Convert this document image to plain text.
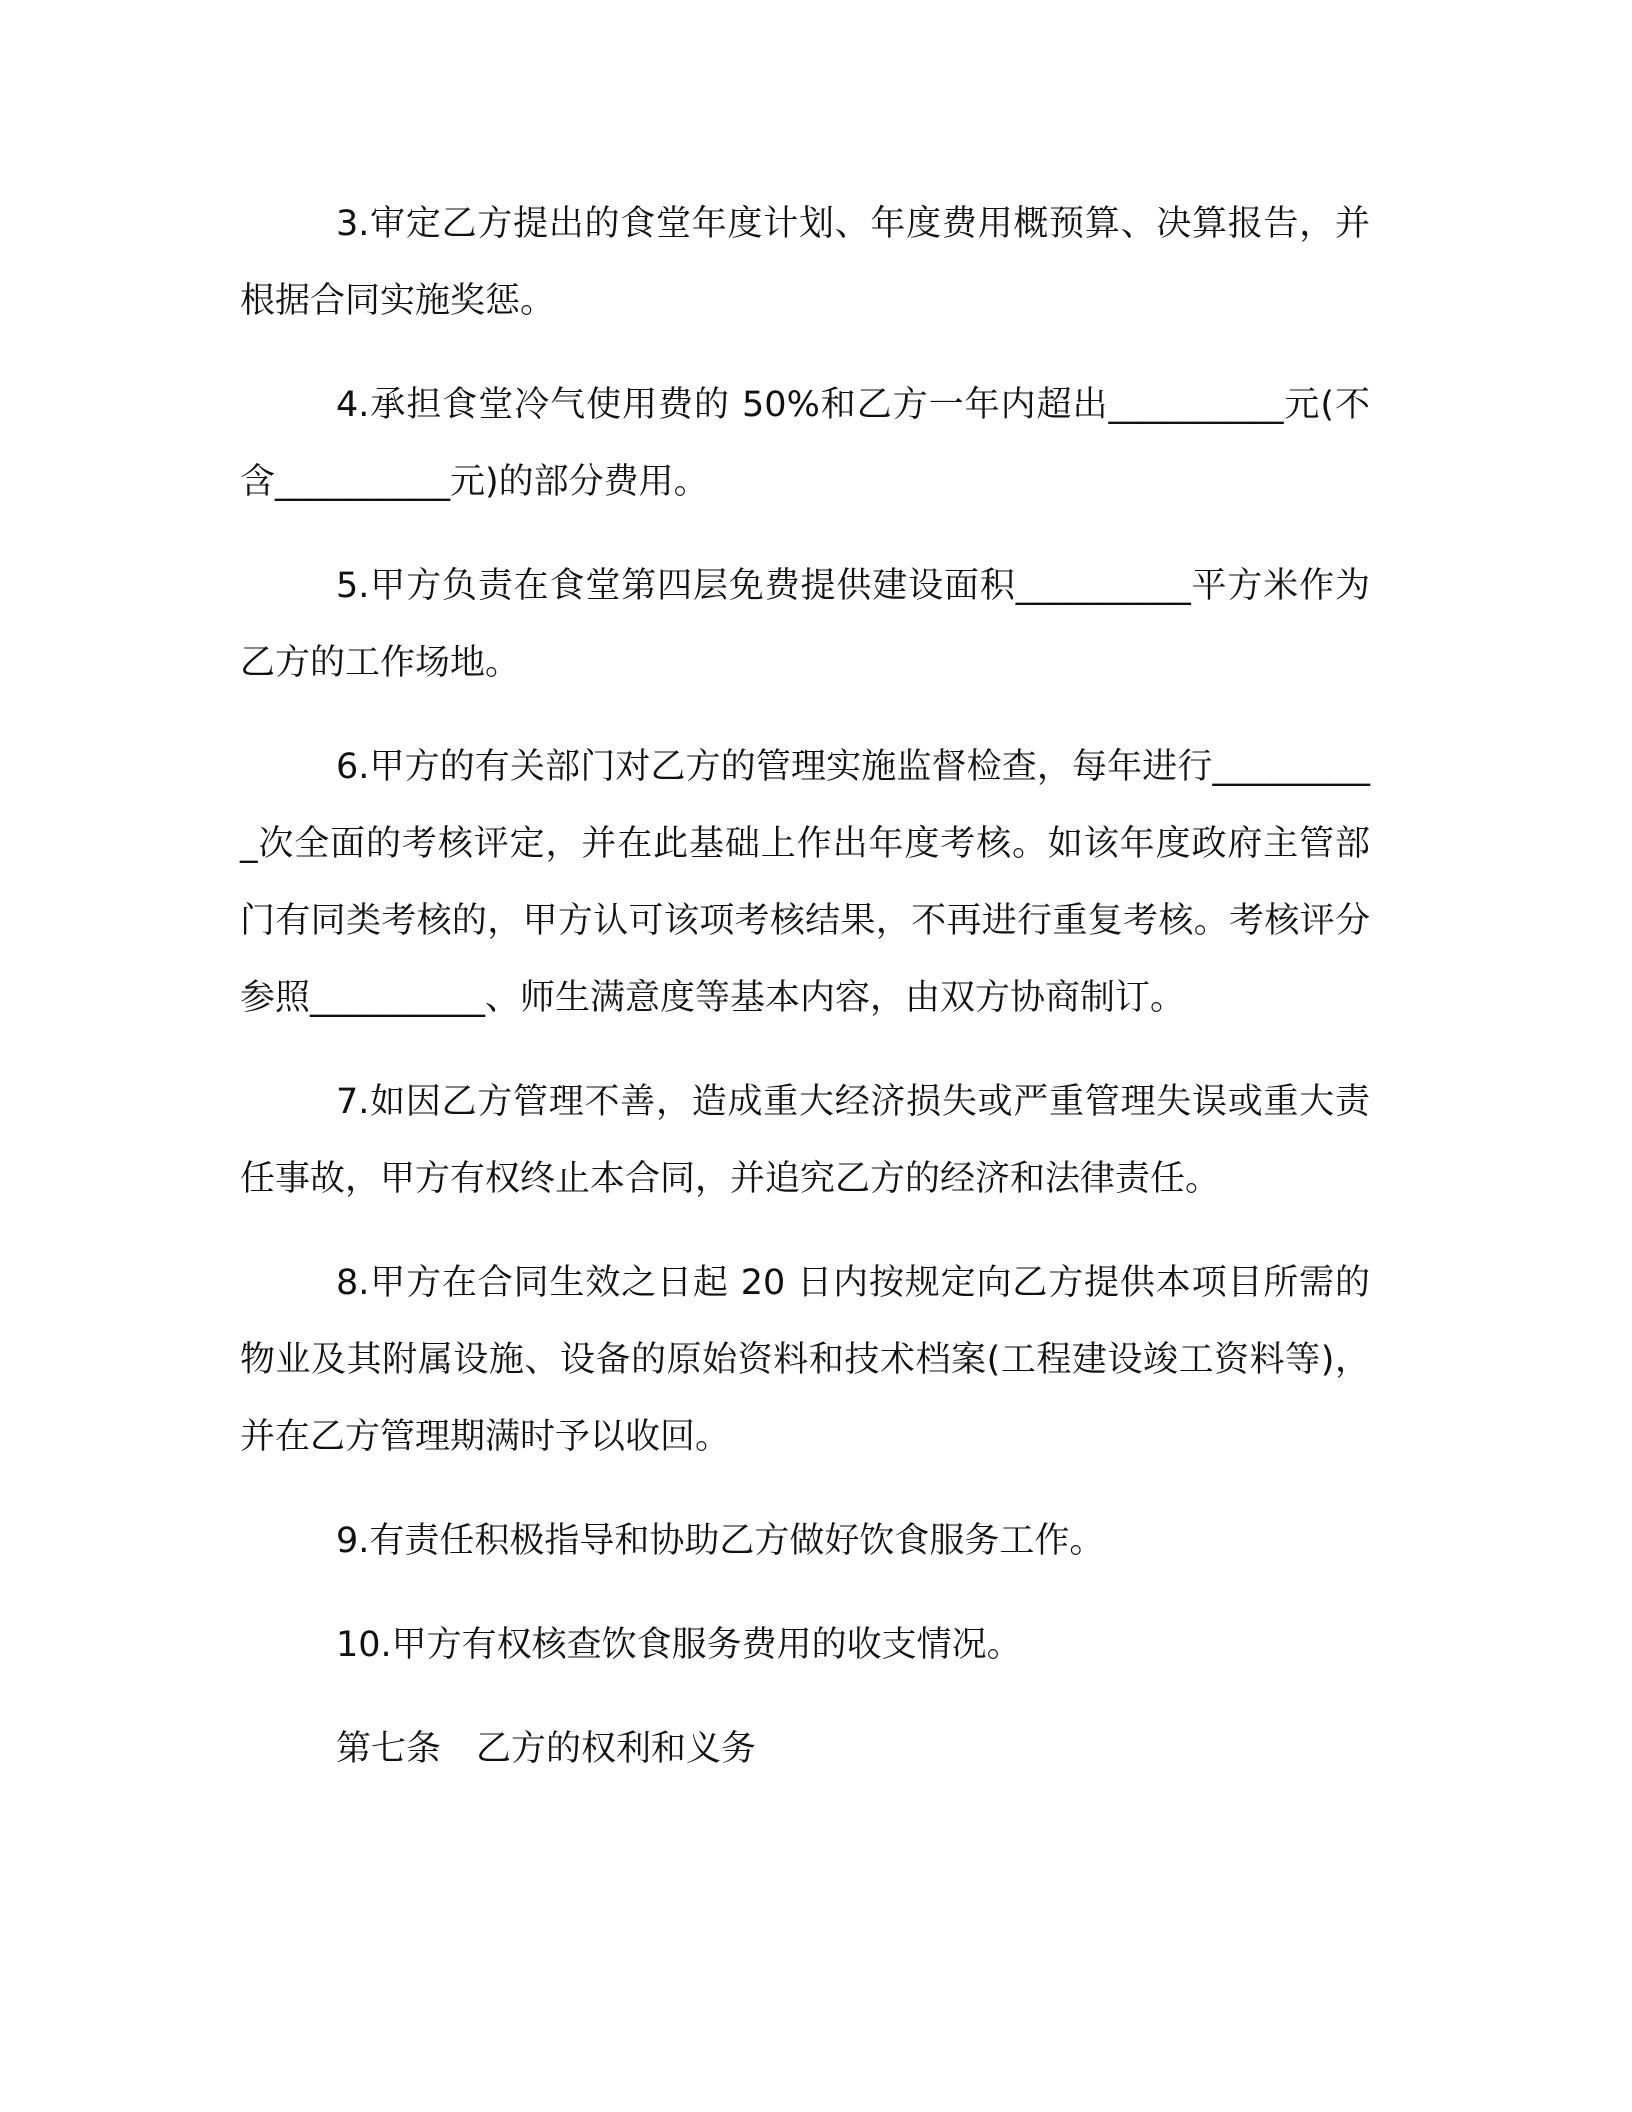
3.审定乙方提出的食堂年度计划、年度费用概预算、决算报告，并根据合同实施奖惩。

4.承担食堂冷气使用费的 50%和乙方一年内超出__________元(不含__________元)的部分费用。

5.甲方负责在食堂第四层免费提供建设面积__________平方米作为乙方的工作场地。

6.甲方的有关部门对乙方的管理实施监督检查，每年进行__________次全面的考核评定，并在此基础上作出年度考核。如该年度政府主管部门有同类考核的，甲方认可该项考核结果，不再进行重复考核。考核评分参照__________、师生满意度等基本内容，由双方协商制订。

7.如因乙方管理不善，造成重大经济损失或严重管理失误或重大责任事故，甲方有权终止本合同，并追究乙方的经济和法律责任。

8.甲方在合同生效之日起 20 日内按规定向乙方提供本项目所需的物业及其附属设施、设备的原始资料和技术档案(工程建设竣工资料等)，并在乙方管理期满时予以收回。

9.有责任积极指导和协助乙方做好饮食服务工作。

10.甲方有权核查饮食服务费用的收支情况。

第七条　乙方的权利和义务
